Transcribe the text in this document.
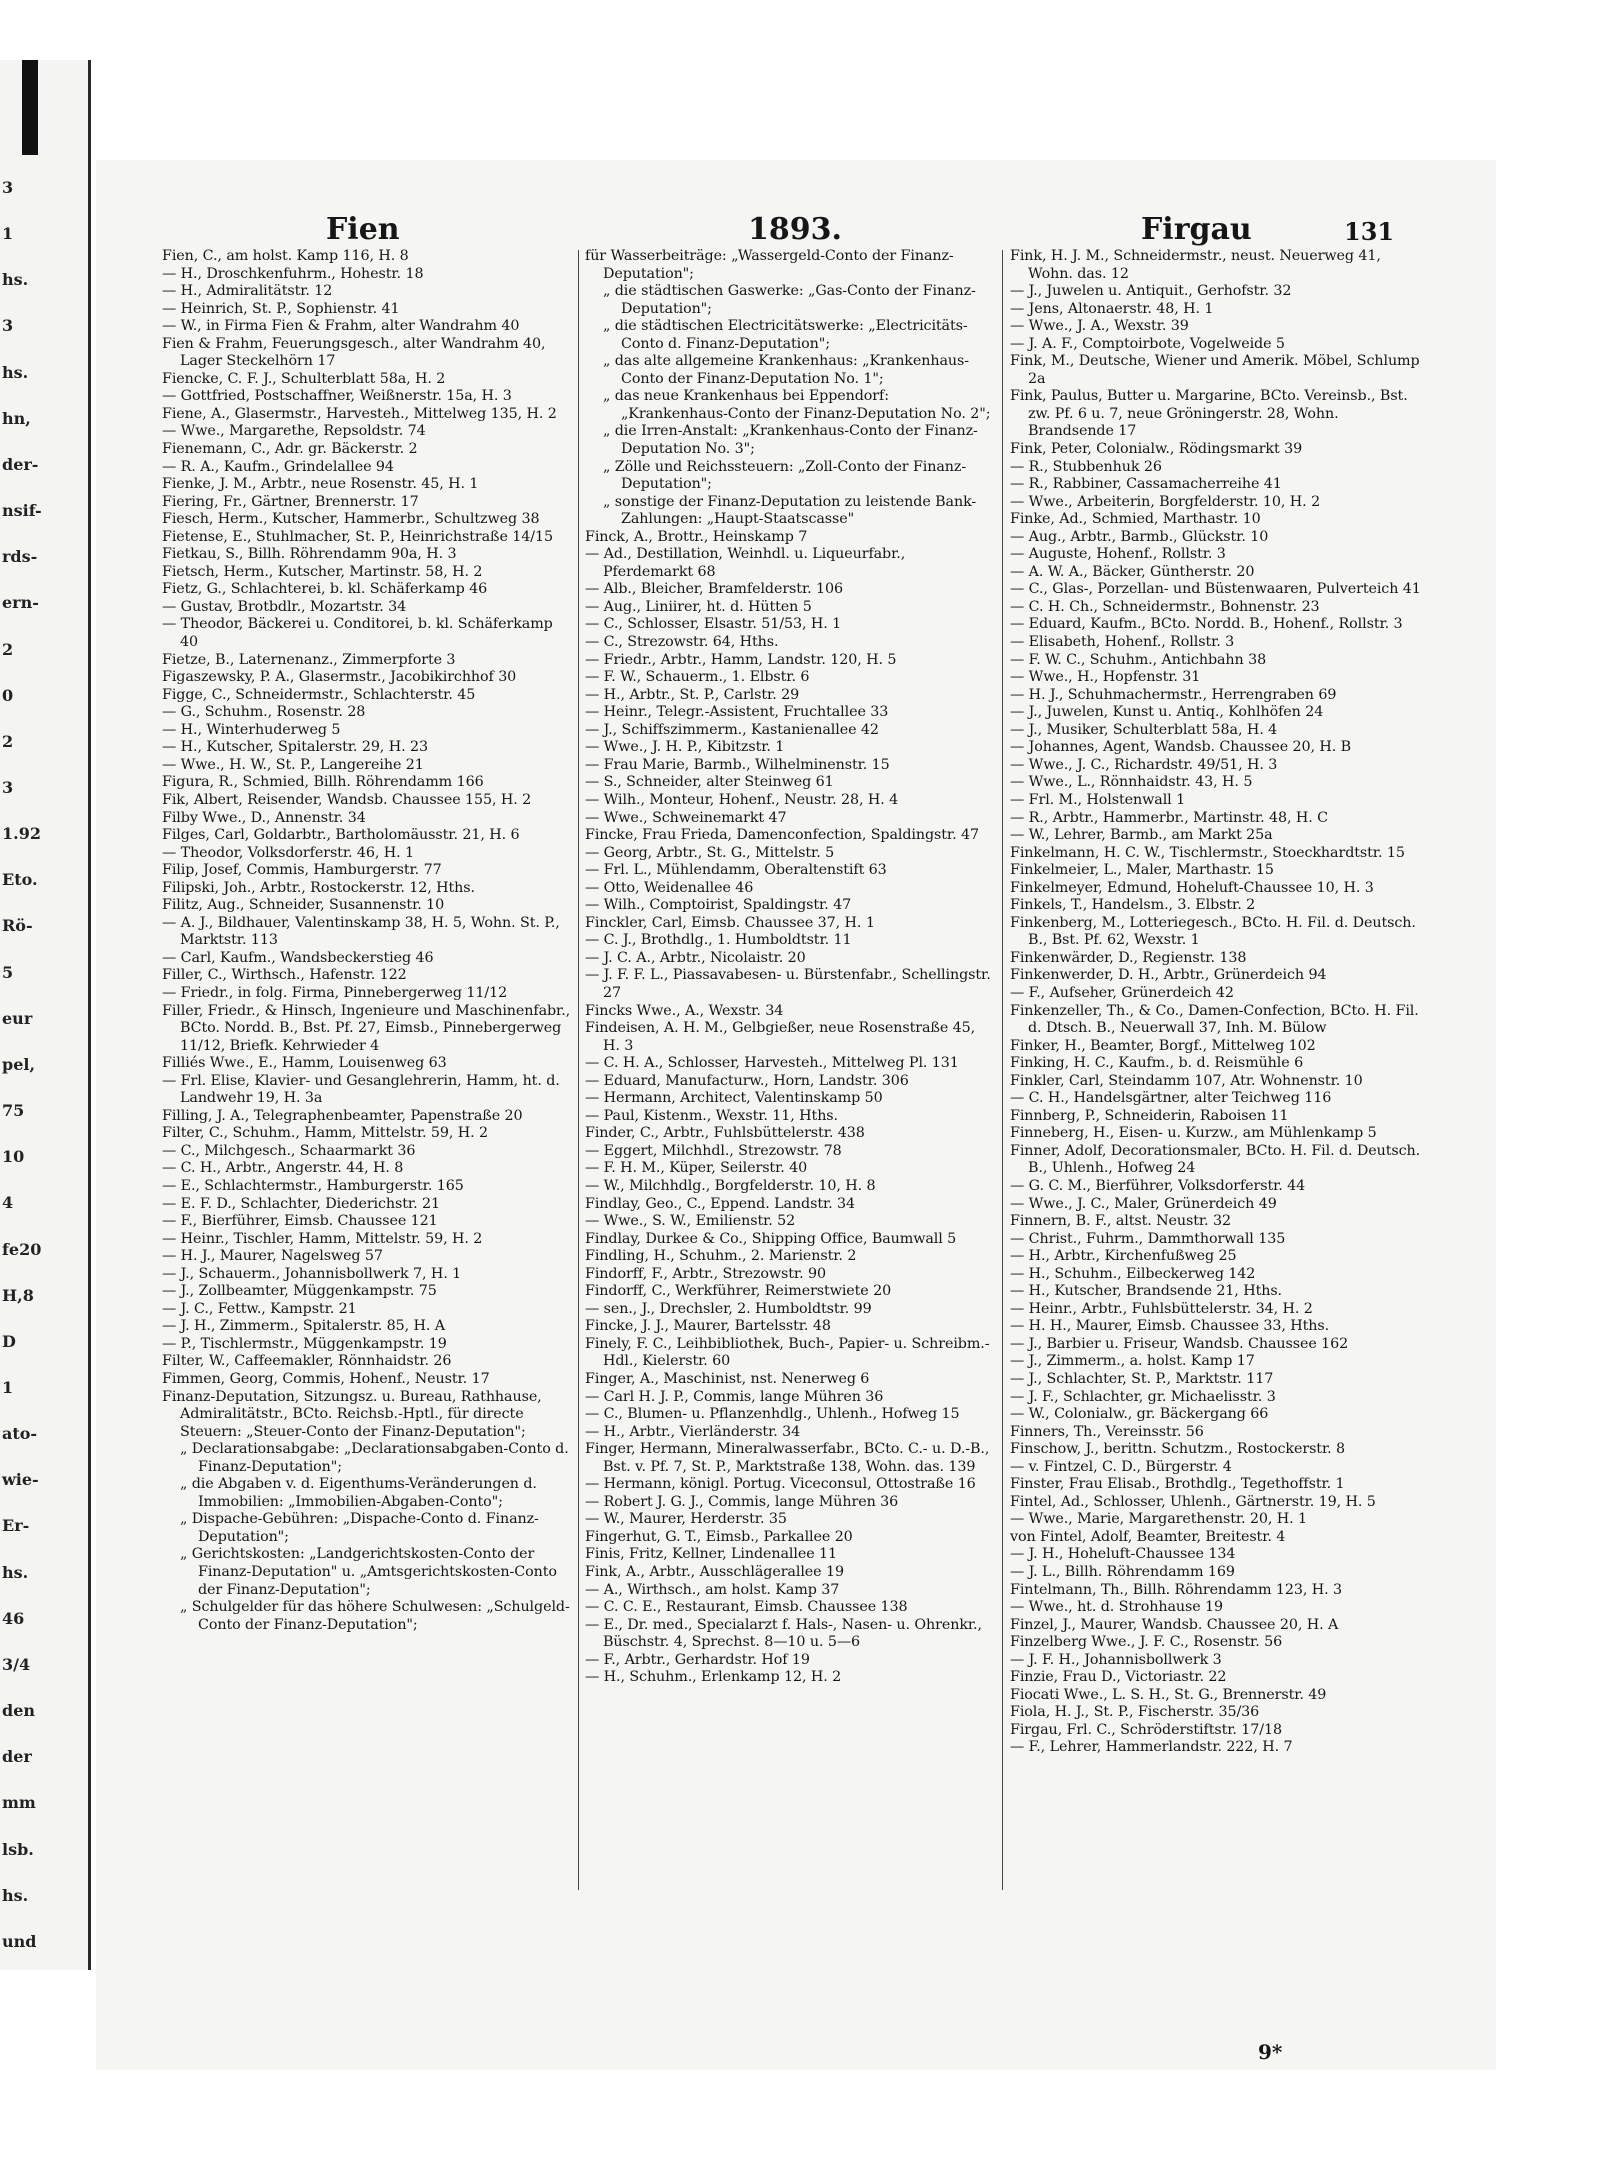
3
1
hs.
3
hs.
hn,
der-
nsif-
rds-
ern-
2
0
2
3
1.92
Eto.
Rö-
5
eur
pel,
75
10
4
fe20
H,8
D
1
ato-
wie-
Er-
hs.
46
3/4
den
der
mm
lsb.
hs.
und
Fien	1893.	Firgau	131

Fien, C., am holst. Kamp 116, H. 8

— H., Droschkenfuhrm., Hohestr. 18

— H., Admiralitätstr. 12

— Heinrich, St. P., Sophienstr. 41

— W., in Firma Fien & Frahm, alter Wandrahm 40

Fien & Frahm, Feuerungsgesch., alter Wandrahm 40, Lager Steckelhörn 17

Fiencke, C. F. J., Schulterblatt 58a, H. 2

— Gottfried, Postschaffner, Weißnerstr. 15a, H. 3

Fiene, A., Glasermstr., Harvesteh., Mittelweg 135, H. 2

— Wwe., Margarethe, Repsoldstr. 74

Fienemann, C., Adr. gr. Bäckerstr. 2

— R. A., Kaufm., Grindelallee 94

Fienke, J. M., Arbtr., neue Rosenstr. 45, H. 1

Fiering, Fr., Gärtner, Brennerstr. 17

Fiesch, Herm., Kutscher, Hammerbr., Schultzweg 38

Fietense, E., Stuhlmacher, St. P., Heinrichstraße 14/15

Fietkau, S., Billh. Röhrendamm 90a, H. 3

Fietsch, Herm., Kutscher, Martinstr. 58, H. 2

Fietz, G., Schlachterei, b. kl. Schäferkamp 46

— Gustav, Brotbdlr., Mozartstr. 34

— Theodor, Bäckerei u. Conditorei, b. kl. Schäferkamp 40

Fietze, B., Laternenanz., Zimmerpforte 3

Figaszewsky, P. A., Glasermstr., Jacobikirchhof 30

Figge, C., Schneidermstr., Schlachterstr. 45

— G., Schuhm., Rosenstr. 28

— H., Winterhuderweg 5

— H., Kutscher, Spitalerstr. 29, H. 23

— Wwe., H. W., St. P., Langereihe 21

Figura, R., Schmied, Billh. Röhrendamm 166

Fik, Albert, Reisender, Wandsb. Chaussee 155, H. 2

Filby Wwe., D., Annenstr. 34

Filges, Carl, Goldarbtr., Bartholomäusstr. 21, H. 6

— Theodor, Volksdorferstr. 46, H. 1

Filip, Josef, Commis, Hamburgerstr. 77

Filipski, Joh., Arbtr., Rostockerstr. 12, Hths.

Filitz, Aug., Schneider, Susannenstr. 10

— A. J., Bildhauer, Valentinskamp 38, H. 5, Wohn. St. P., Marktstr. 113

— Carl, Kaufm., Wandsbeckerstieg 46

Filler, C., Wirthsch., Hafenstr. 122

— Friedr., in folg. Firma, Pinnebergerweg 11/12

Filler, Friedr., & Hinsch, Ingenieure und Maschinenfabr., BCto. Nordd. B., Bst. Pf. 27, Eimsb., Pinnebergerweg 11/12, Briefk. Kehrwieder 4

Filliés Wwe., E., Hamm, Louisenweg 63

— Frl. Elise, Klavier- und Gesanglehrerin, Hamm, ht. d. Landwehr 19, H. 3a

Filling, J. A., Telegraphenbeamter, Papenstraße 20

Filter, C., Schuhm., Hamm, Mittelstr. 59, H. 2

— C., Milchgesch., Schaarmarkt 36

— C. H., Arbtr., Angerstr. 44, H. 8

— E., Schlachtermstr., Hamburgerstr. 165

— E. F. D., Schlachter, Diederichstr. 21

— F., Bierführer, Eimsb. Chaussee 121

— Heinr., Tischler, Hamm, Mittelstr. 59, H. 2

— H. J., Maurer, Nagelsweg 57

— J., Schauerm., Johannisbollwerk 7, H. 1

— J., Zollbeamter, Müggenkampstr. 75

— J. C., Fettw., Kampstr. 21

— J. H., Zimmerm., Spitalerstr. 85, H. A

— P., Tischlermstr., Müggenkampstr. 19

Filter, W., Caffeemakler, Rönnhaidstr. 26

Fimmen, Georg, Commis, Hohenf., Neustr. 17

Finanz-Deputation, Sitzungsz. u. Bureau, Rathhause, Admiralitätstr., BCto. Reichsb.-Hptl., für directe Steuern: „Steuer-Conto der Finanz-Deputation";

„ Declarationsabgabe: „Declarationsabgaben-Conto d. Finanz-Deputation";

„ die Abgaben v. d. Eigenthums-Veränderungen d. Immobilien: „Immobilien-Abgaben-Conto";

„ Dispache-Gebühren: „Dispache-Conto d. Finanz-Deputation";

„ Gerichtskosten: „Landgerichtskosten-Conto der Finanz-Deputation" u. „Amtsgerichtskosten-Conto der Finanz-Deputation";

„ Schulgelder für das höhere Schulwesen: „Schulgeld-Conto der Finanz-Deputation";

für Wasserbeiträge: „Wassergeld-Conto der Finanz-Deputation";

„ die städtischen Gaswerke: „Gas-Conto der Finanz-Deputation";

„ die städtischen Electricitätswerke: „Electricitäts-Conto d. Finanz-Deputation";

„ das alte allgemeine Krankenhaus: „Krankenhaus-Conto der Finanz-Deputation No. 1";

„ das neue Krankenhaus bei Eppendorf: „Krankenhaus-Conto der Finanz-Deputation No. 2";

„ die Irren-Anstalt: „Krankenhaus-Conto der Finanz-Deputation No. 3";

„ Zölle und Reichssteuern: „Zoll-Conto der Finanz-Deputation";

„ sonstige der Finanz-Deputation zu leistende Bank-Zahlungen: „Haupt-Staatscasse"

Finck, A., Brottr., Heinskamp 7

— Ad., Destillation, Weinhdl. u. Liqueurfabr., Pferdemarkt 68

— Alb., Bleicher, Bramfelderstr. 106

— Aug., Liniirer, ht. d. Hütten 5

— C., Schlosser, Elsastr. 51/53, H. 1

— C., Strezowstr. 64, Hths.

— Friedr., Arbtr., Hamm, Landstr. 120, H. 5

— F. W., Schauerm., 1. Elbstr. 6

— H., Arbtr., St. P., Carlstr. 29

— Heinr., Telegr.-Assistent, Fruchtallee 33

— J., Schiffszimmerm., Kastanienallee 42

— Wwe., J. H. P., Kibitzstr. 1

— Frau Marie, Barmb., Wilhelminenstr. 15

— S., Schneider, alter Steinweg 61

— Wilh., Monteur, Hohenf., Neustr. 28, H. 4

— Wwe., Schweinemarkt 47

Fincke, Frau Frieda, Damenconfection, Spaldingstr. 47

— Georg, Arbtr., St. G., Mittelstr. 5

— Frl. L., Mühlendamm, Oberaltenstift 63

— Otto, Weidenallee 46

— Wilh., Comptoirist, Spaldingstr. 47

Finckler, Carl, Eimsb. Chaussee 37, H. 1

— C. J., Brothdlg., 1. Humboldtstr. 11

— J. C. A., Arbtr., Nicolaistr. 20

— J. F. F. L., Piassavabesen- u. Bürstenfabr., Schellingstr. 27

Fincks Wwe., A., Wexstr. 34

Findeisen, A. H. M., Gelbgießer, neue Rosenstraße 45, H. 3

— C. H. A., Schlosser, Harvesteh., Mittelweg Pl. 131

— Eduard, Manufacturw., Horn, Landstr. 306

— Hermann, Architect, Valentinskamp 50

— Paul, Kistenm., Wexstr. 11, Hths.

Finder, C., Arbtr., Fuhlsbüttelerstr. 438

— Eggert, Milchhdl., Strezowstr. 78

— F. H. M., Küper, Seilerstr. 40

— W., Milchhdlg., Borgfelderstr. 10, H. 8

Findlay, Geo., C., Eppend. Landstr. 34

— Wwe., S. W., Emilienstr. 52

Findlay, Durkee & Co., Shipping Office, Baumwall 5

Findling, H., Schuhm., 2. Marienstr. 2

Findorff, F., Arbtr., Strezowstr. 90

Findorff, C., Werkführer, Reimerstwiete 20

— sen., J., Drechsler, 2. Humboldtstr. 99

Fincke, J. J., Maurer, Bartelsstr. 48

Finely, F. C., Leihbibliothek, Buch-, Papier- u. Schreibm.-Hdl., Kielerstr. 60

Finger, A., Maschinist, nst. Nenerweg 6

— Carl H. J. P., Commis, lange Mühren 36

— C., Blumen- u. Pflanzenhdlg., Uhlenh., Hofweg 15

— H., Arbtr., Vierländerstr. 34

Finger, Hermann, Mineralwasserfabr., BCto. C.- u. D.-B., Bst. v. Pf. 7, St. P., Marktstraße 138, Wohn. das. 139

— Hermann, königl. Portug. Viceconsul, Ottostraße 16

— Robert J. G. J., Commis, lange Mühren 36

— W., Maurer, Herderstr. 35

Fingerhut, G. T., Eimsb., Parkallee 20

Finis, Fritz, Kellner, Lindenallee 11

Fink, A., Arbtr., Ausschlägerallee 19

— A., Wirthsch., am holst. Kamp 37

— C. C. E., Restaurant, Eimsb. Chaussee 138

— E., Dr. med., Specialarzt f. Hals-, Nasen- u. Ohrenkr., Büschstr. 4, Sprechst. 8—10 u. 5—6

— F., Arbtr., Gerhardstr. Hof 19

— H., Schuhm., Erlenkamp 12, H. 2

Fink, H. J. M., Schneidermstr., neust. Neuerweg 41, Wohn. das. 12

— J., Juwelen u. Antiquit., Gerhofstr. 32

— Jens, Altonaerstr. 48, H. 1

— Wwe., J. A., Wexstr. 39

— J. A. F., Comptoirbote, Vogelweide 5

Fink, M., Deutsche, Wiener und Amerik. Möbel, Schlump 2a

Fink, Paulus, Butter u. Margarine, BCto. Vereinsb., Bst. zw. Pf. 6 u. 7, neue Gröningerstr. 28, Wohn. Brandsende 17

Fink, Peter, Colonialw., Rödingsmarkt 39

— R., Stubbenhuk 26

— R., Rabbiner, Cassamacherreihe 41

— Wwe., Arbeiterin, Borgfelderstr. 10, H. 2

Finke, Ad., Schmied, Marthastr. 10

— Aug., Arbtr., Barmb., Glückstr. 10

— Auguste, Hohenf., Rollstr. 3

— A. W. A., Bäcker, Güntherstr. 20

— C., Glas-, Porzellan- und Büstenwaaren, Pulverteich 41

— C. H. Ch., Schneidermstr., Bohnenstr. 23

— Eduard, Kaufm., BCto. Nordd. B., Hohenf., Rollstr. 3

— Elisabeth, Hohenf., Rollstr. 3

— F. W. C., Schuhm., Antichbahn 38

— Wwe., H., Hopfenstr. 31

— H. J., Schuhmachermstr., Herrengraben 69

— J., Juwelen, Kunst u. Antiq., Kohlhöfen 24

— J., Musiker, Schulterblatt 58a, H. 4

— Johannes, Agent, Wandsb. Chaussee 20, H. B

— Wwe., J. C., Richardstr. 49/51, H. 3

— Wwe., L., Rönnhaidstr. 43, H. 5

— Frl. M., Holstenwall 1

— R., Arbtr., Hammerbr., Martinstr. 48, H. C

— W., Lehrer, Barmb., am Markt 25a

Finkelmann, H. C. W., Tischlermstr., Stoeckhardtstr. 15

Finkelmeier, L., Maler, Marthastr. 15

Finkelmeyer, Edmund, Hoheluft-Chaussee 10, H. 3

Finkels, T., Handelsm., 3. Elbstr. 2

Finkenberg, M., Lotteriegesch., BCto. H. Fil. d. Deutsch. B., Bst. Pf. 62, Wexstr. 1

Finkenwärder, D., Regienstr. 138

Finkenwerder, D. H., Arbtr., Grünerdeich 94

— F., Aufseher, Grünerdeich 42

Finkenzeller, Th., & Co., Damen-Confection, BCto. H. Fil. d. Dtsch. B., Neuerwall 37, Inh. M. Bülow

Finker, H., Beamter, Borgf., Mittelweg 102

Finking, H. C., Kaufm., b. d. Reismühle 6

Finkler, Carl, Steindamm 107, Atr. Wohnenstr. 10

— C. H., Handelsgärtner, alter Teichweg 116

Finnberg, P., Schneiderin, Raboisen 11

Finneberg, H., Eisen- u. Kurzw., am Mühlenkamp 5

Finner, Adolf, Decorationsmaler, BCto. H. Fil. d. Deutsch. B., Uhlenh., Hofweg 24

— G. C. M., Bierführer, Volksdorferstr. 44

— Wwe., J. C., Maler, Grünerdeich 49

Finnern, B. F., altst. Neustr. 32

— Christ., Fuhrm., Dammthorwall 135

— H., Arbtr., Kirchenfußweg 25

— H., Schuhm., Eilbeckerweg 142

— H., Kutscher, Brandsende 21, Hths.

— Heinr., Arbtr., Fuhlsbüttelerstr. 34, H. 2

— H. H., Maurer, Eimsb. Chaussee 33, Hths.

— J., Barbier u. Friseur, Wandsb. Chaussee 162

— J., Zimmerm., a. holst. Kamp 17

— J., Schlachter, St. P., Marktstr. 117

— J. F., Schlachter, gr. Michaelisstr. 3

— W., Colonialw., gr. Bäckergang 66

Finners, Th., Vereinsstr. 56

Finschow, J., berittn. Schutzm., Rostockerstr. 8

— v. Fintzel, C. D., Bürgerstr. 4

Finster, Frau Elisab., Brothdlg., Tegethoffstr. 1

Fintel, Ad., Schlosser, Uhlenh., Gärtnerstr. 19, H. 5

— Wwe., Marie, Margarethenstr. 20, H. 1

von Fintel, Adolf, Beamter, Breitestr. 4

— J. H., Hoheluft-Chaussee 134

— J. L., Billh. Röhrendamm 169

Fintelmann, Th., Billh. Röhrendamm 123, H. 3

— Wwe., ht. d. Strohhause 19

Finzel, J., Maurer, Wandsb. Chaussee 20, H. A

Finzelberg Wwe., J. F. C., Rosenstr. 56

— J. F. H., Johannisbollwerk 3

Finzie, Frau D., Victoriastr. 22

Fiocati Wwe., L. S. H., St. G., Brennerstr. 49

Fiola, H. J., St. P., Fischerstr. 35/36

Firgau, Frl. C., Schröderstiftstr. 17/18

— F., Lehrer, Hammerlandstr. 222, H. 7

9*
